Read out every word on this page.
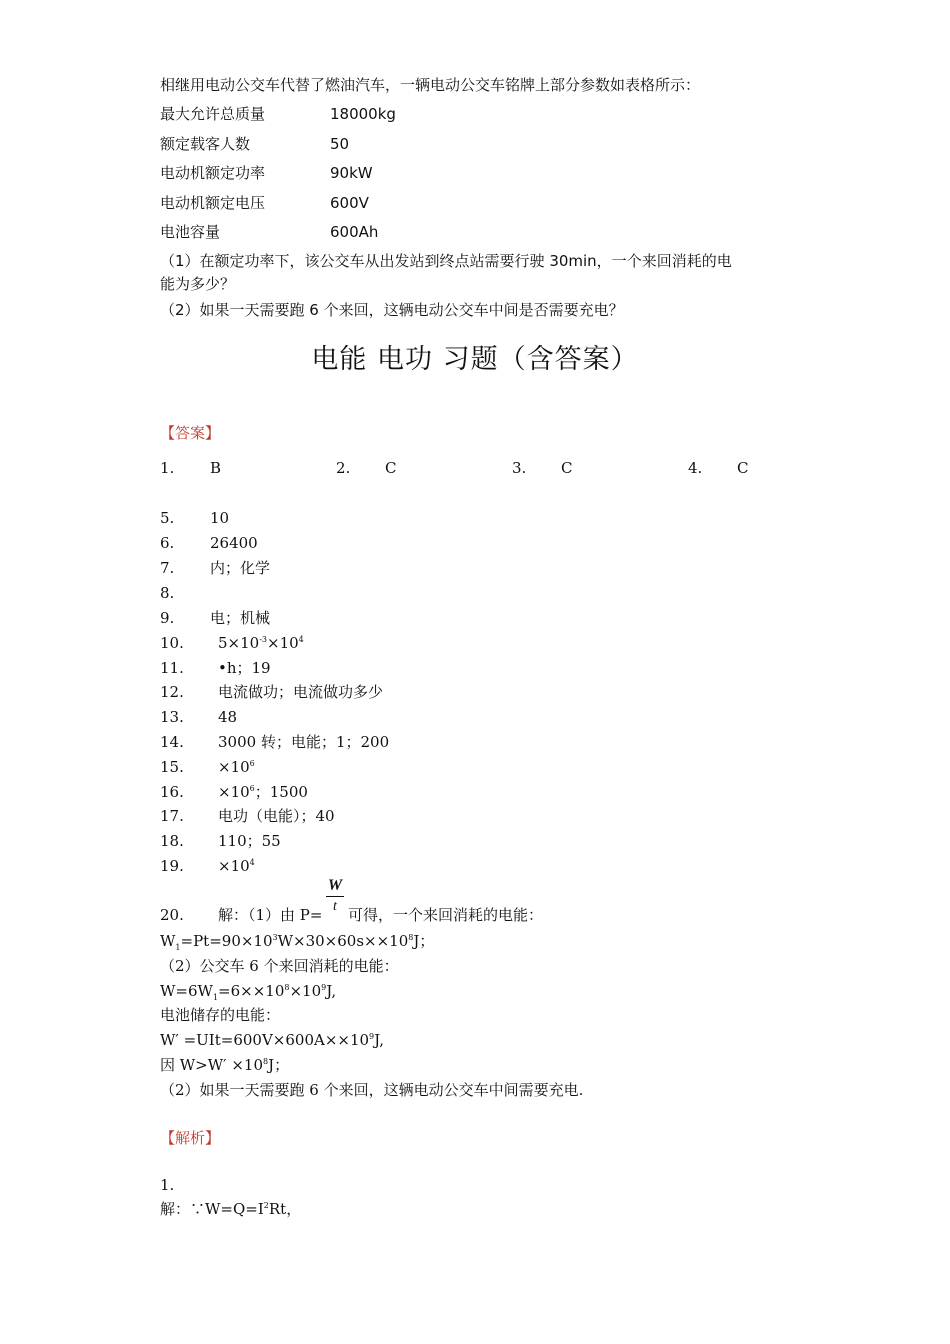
相继用电动公交车代替了燃油汽车，一辆电动公交车铭牌上部分参数如表格所示：
最大允许总质量	18000kg
额定载客人数	50
电动机额定功率	90kW
电动机额定电压	600V
电池容量	600Ah
（1）在额定功率下，该公交车从出发站到终点站需要行驶 30min，一个来回消耗的电
能为多少？
（2）如果一天需要跑 6 个来回，这辆电动公交车中间是否需要充电？
电能 电功 习题（含答案）
【答案】
1. B	2. C	3. C	4. C
5. 10
6. 26400
7. 内；化学
8.
9. 电；机械
10. $5\times 10^{-3}\times 10^4$
11. •h；19
12. 电流做功；电流做功多少
13. 48
14. 3000 转；电能；1；200
15. $\times 10^6$
16. $\times 10^6$；1500
17. 电功（电能）；40
18. 110；55
19. $\times 10^4$
W
t
20. 解：（1）由 P= 可得，一个来回消耗的电能：
$W_1=Pt=90\times 10^3W\times 30\times 60s\times\times 10^8J$；
（2）公交车 6 个来回消耗的电能：
$W=6W_1=6\times\times 10^8\times 10^9J$,
电池储存的电能：
$W' =UIt=600V\times 600A\times\times 10^9J$,
因 $W>W' \times 10^8J$；
（2）如果一天需要跑 6 个来回，这辆电动公交车中间需要充电.
【解析】
1.
解：$\because W=Q=I^2Rt$，
